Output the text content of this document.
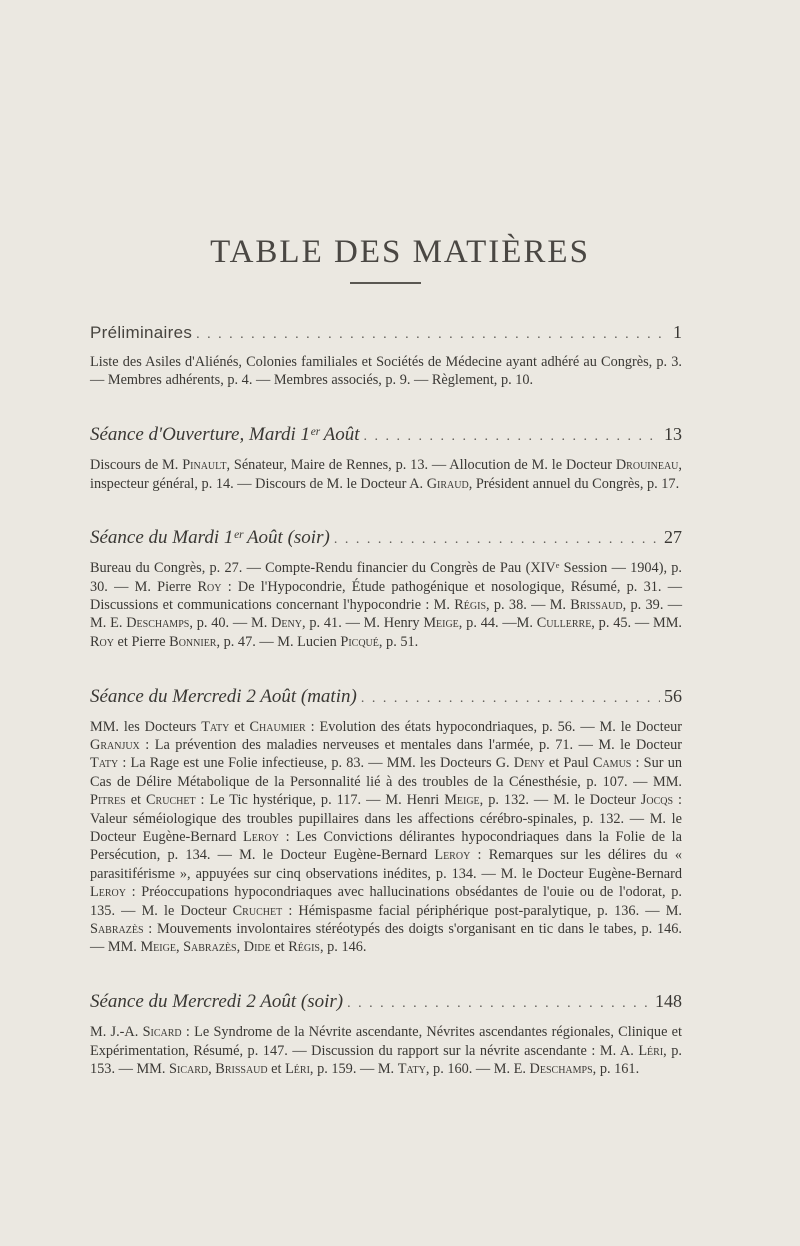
TABLE DES MATIÈRES
Préliminaires . . .	1

Liste des Asiles d'Aliénés, Colonies familiales et Sociétés de Médecine ayant adhéré au Congrès, p. 3. — Membres adhérents, p. 4. — Membres associés, p. 9. — Règlement, p. 10.

Séance d'Ouverture, Mardi 1ᵉʳ Août . . .	13

Discours de M. Pinault, Sénateur, Maire de Rennes, p. 13. — Allocution de M. le Docteur Drouineau, inspecteur général, p. 14. — Discours de M. le Docteur A. Giraud, Président annuel du Congrès, p. 17.

Séance du Mardi 1ᵉʳ Août (soir) . . .	27

Bureau du Congrès, p. 27. — Compte-Rendu financier du Congrès de Pau (XIVᵉ Session — 1904), p. 30. — M. Pierre Roy : De l'Hypocondrie, Étude pathogénique et nosologique, Résumé, p. 31. — Discussions et communications concernant l'hypocondrie : M. Régis, p. 38. — M. Brissaud, p. 39. — M. E. Deschamps, p. 40. — M. Deny, p. 41. — M. Henry Meige, p. 44. —M. Cullerre, p. 45. — MM. Roy et Pierre Bonnier, p. 47. — M. Lucien Picqué, p. 51.

Séance du Mercredi 2 Août (matin) . . .	56

MM. les Docteurs Taty et Chaumier : Evolution des états hypocondriaques, p. 56. — M. le Docteur Granjux : La prévention des maladies nerveuses et mentales dans l'armée, p. 71. — M. le Docteur Taty : La Rage est une Folie infectieuse, p. 83. — MM. les Docteurs G. Deny et Paul Camus : Sur un Cas de Délire Métabolique de la Personnalité lié à des troubles de la Cénesthésie, p. 107. — MM. Pitres et Cruchet : Le Tic hystérique, p. 117. — M. Henri Meige, p. 132. — M. le Docteur Jocqs : Valeur séméiologique des troubles pupillaires dans les affections cérébro-spinales, p. 132. — M. le Docteur Eugène-Bernard Leroy : Les Convictions délirantes hypocondriaques dans la Folie de la Persécution, p. 134. — M. le Docteur Eugène-Bernard Leroy : Remarques sur les délires du « parasitiférisme », appuyées sur cinq observations inédites, p. 134. — M. le Docteur Eugène-Bernard Leroy : Préoccupations hypocondriaques avec hallucinations obsédantes de l'ouie ou de l'odorat, p. 135. — M. le Docteur Cruchet : Hémispasme facial périphérique post-paralytique, p. 136. — M. Sabrazès : Mouvements involontaires stéréotypés des doigts s'organisant en tic dans le tabes, p. 146. — MM. Meige, Sabrazès, Dide et Régis, p. 146.

Séance du Mercredi 2 Août (soir) . . .	148

M. J.-A. Sicard : Le Syndrome de la Névrite ascendante, Névrites ascendantes régionales, Clinique et Expérimentation, Résumé, p. 147. — Discussion du rapport sur la névrite ascendante : M. A. Léri, p. 153. — MM. Sicard, Brissaud et Léri, p. 159. — M. Taty, p. 160. — M. E. Deschamps, p. 161.
